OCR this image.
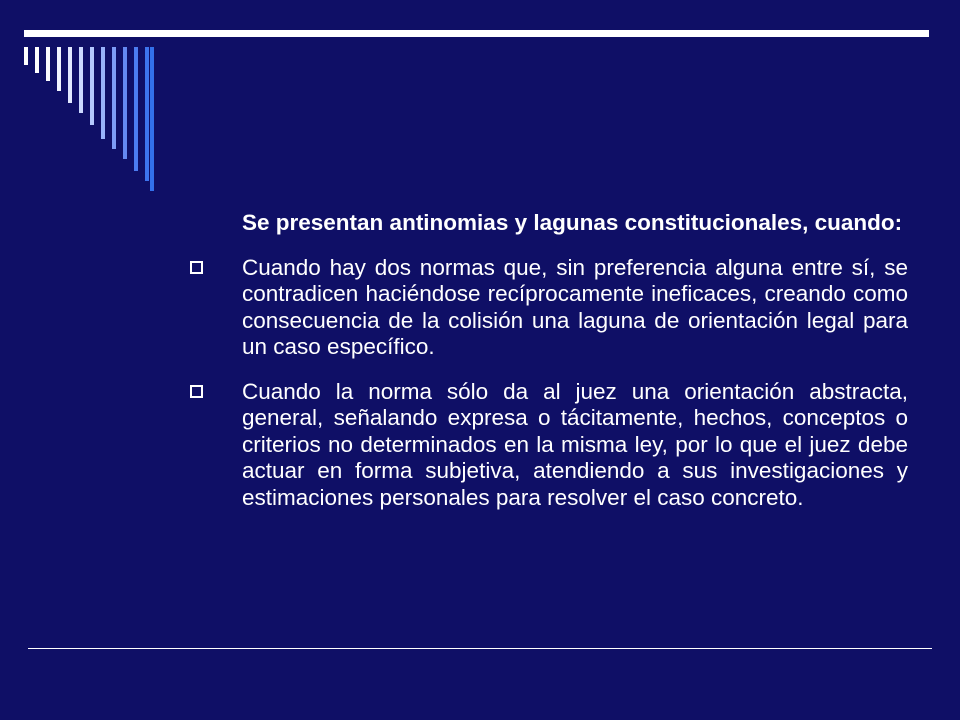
Se presentan antinomias y lagunas constitucionales, cuando:
Cuando hay dos normas que, sin preferencia alguna entre sí, se contradicen haciéndose recíprocamente ineficaces, creando como consecuencia de la colisión una laguna de orientación legal para un caso específico.
Cuando la norma sólo da al juez una orientación abstracta, general, señalando expresa o tácitamente, hechos, conceptos o criterios no determinados en la misma ley, por lo que el juez debe actuar en forma subjetiva, atendiendo a sus investigaciones y estimaciones personales para resolver el caso concreto.
